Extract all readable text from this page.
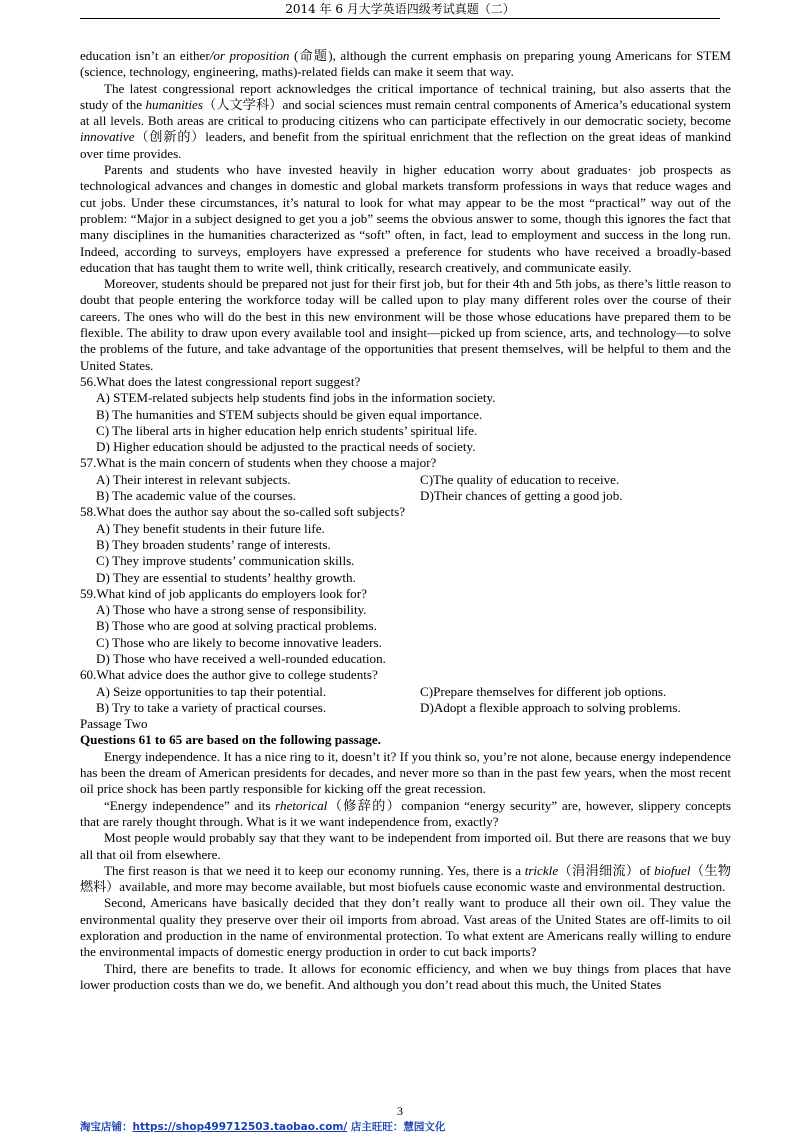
2014 年 6 月大学英语四级考试真题（二）

education isn’t an either/or proposition (命题), although the current emphasis on preparing young Americans for STEM (science, technology, engineering, maths)-related fields can make it seem that way.

The latest congressional report acknowledges the critical importance of technical training, but also asserts that the study of the humanities（人文学科）and social sciences must remain central components of America’s educational system at all levels. Both areas are critical to producing citizens who can participate effectively in our democratic society, become innovative（创新的）leaders, and benefit from the spiritual enrichment that the reflection on the great ideas of mankind over time provides.

Parents and students who have invested heavily in higher education worry about graduates· job prospects as technological advances and changes in domestic and global markets transform professions in ways that reduce wages and cut jobs. Under these circumstances, it’s natural to look for what may appear to be the most “practical” way out of the problem: “Major in a subject designed to get you a job” seems the obvious answer to some, though this ignores the fact that many disciplines in the humanities characterized as “soft” often, in fact, lead to employment and success in the long run. Indeed, according to surveys, employers have expressed a preference for students who have received a broadly-based education that has taught them to write well, think critically, research creatively, and communicate easily.

Moreover, students should be prepared not just for their first job, but for their 4th and 5th jobs, as there’s little reason to doubt that people entering the workforce today will be called upon to play many different roles over the course of their careers. The ones who will do the best in this new environment will be those whose educations have prepared them to be flexible. The ability to draw upon every available tool and insight—picked up from science, arts, and technology—to solve the problems of the future, and take advantage of the opportunities that present themselves, will be helpful to them and the United States.

56.What does the latest congressional report suggest?

A) STEM-related subjects help students find jobs in the information society.

B) The humanities and STEM subjects should be given equal importance.

C) The liberal arts in higher education help enrich students’ spiritual life.

D) Higher education should be adjusted to the practical needs of society.

57.What is the main concern of students when they choose a major?

A) Their interest in relevant subjects.	C)The quality of education to receive.
B) The academic value of the courses.	D)Their chances of getting a good job.

58.What does the author say about the so-called soft subjects?

A) They benefit students in their future life.

B) They broaden students’ range of interests.

C) They improve students’ communication skills.

D) They are essential to students’ healthy growth.

59.What kind of job applicants do employers look for?

A) Those who have a strong sense of responsibility.

B) Those who are good at solving practical problems.

C) Those who are likely to become innovative leaders.

D) Those who have received a well-rounded education.

60.What advice does the author give to college students?

A) Seize opportunities to tap their potential.	C)Prepare themselves for different job options.
B) Try to take a variety of practical courses.	D)Adopt a flexible approach to solving problems.

Passage Two

Questions 61 to 65 are based on the following passage.

Energy independence. It has a nice ring to it, doesn’t it? If you think so, you’re not alone, because energy independence has been the dream of American presidents for decades, and never more so than in the past few years, when the most recent oil price shock has been partly responsible for kicking off the great recession.

“Energy independence” and its rhetorical（修辞的）companion “energy security” are, however, slippery concepts that are rarely thought through. What is it we want independence from, exactly?

Most people would probably say that they want to be independent from imported oil. But there are reasons that we buy all that oil from elsewhere.

The first reason is that we need it to keep our economy running. Yes, there is a trickle（涓涓细流）of biofuel（生物燃料）available, and more may become available, but most biofuels cause economic waste and environmental destruction.

Second, Americans have basically decided that they don’t really want to produce all their own oil. They value the environmental quality they preserve over their oil imports from abroad. Vast areas of the United States are off-limits to oil exploration and production in the name of environmental protection. To what extent are Americans really willing to endure the environmental impacts of domestic energy production in order to cut back imports?

Third, there are benefits to trade. It allows for economic efficiency, and when we buy things from places that have lower production costs than we do, we benefit. And although you don’t read about this much, the United States

3
淘宝店铺：https://shop499712503.taobao.com/ 店主旺旺：慧园文化
